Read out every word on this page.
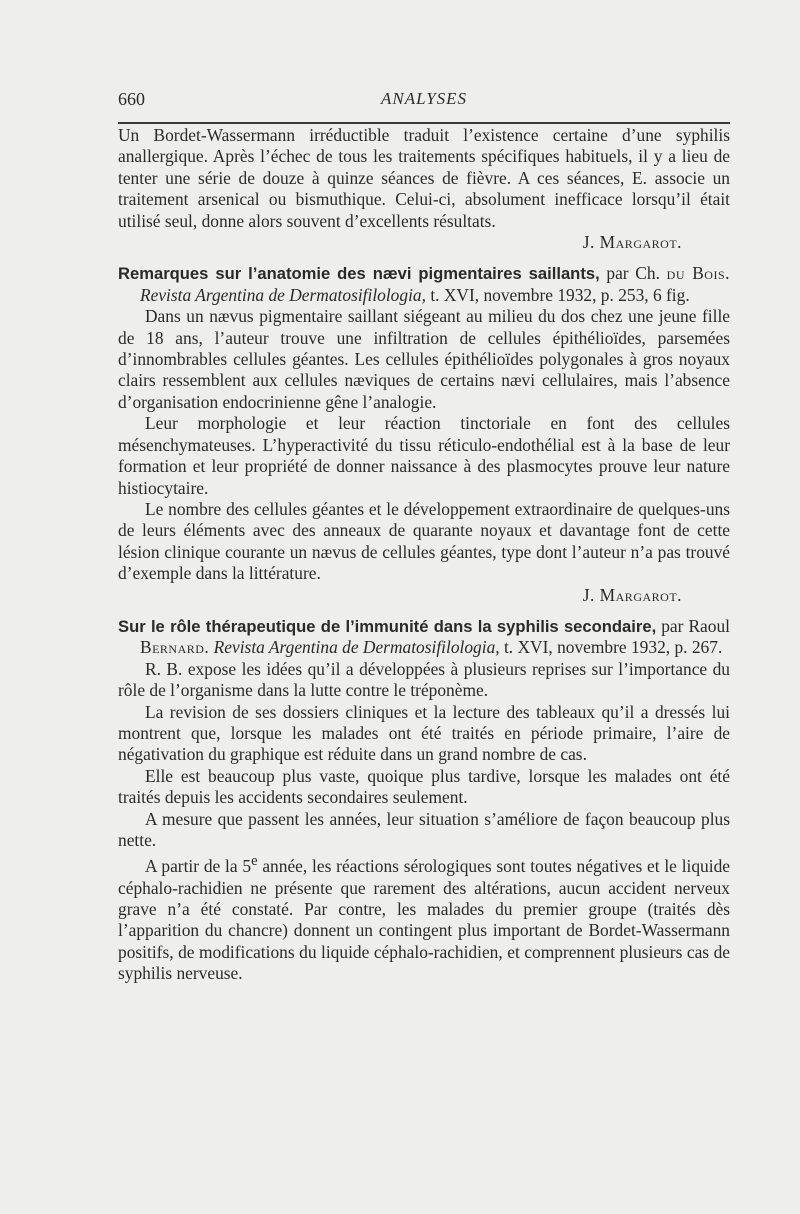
660	ANALYSES

Un Bordet-Wassermann irréductible traduit l’existence certaine d’une syphilis anallergique. Après l’échec de tous les traitements spécifiques habituels, il y a lieu de tenter une série de douze à quinze séances de fièvre. A ces séances, E. associe un traitement arsenical ou bismuthique. Celui-ci, absolument inefficace lorsqu’il était utilisé seul, donne alors souvent d’excellents résultats.

J. Margarot.

Remarques sur l’anatomie des nævi pigmentaires saillants, par Ch. du Bois. Revista Argentina de Dermatosifilologia, t. XVI, novembre 1932, p. 253, 6 fig.

Dans un nævus pigmentaire saillant siégeant au milieu du dos chez une jeune fille de 18 ans, l’auteur trouve une infiltration de cellules épithélioïdes, parsemées d’innombrables cellules géantes. Les cellules épithélioïdes polygonales à gros noyaux clairs ressemblent aux cellules næviques de certains nævi cellulaires, mais l’absence d’organisation endocrinienne gêne l’analogie.

Leur morphologie et leur réaction tinctoriale en font des cellules mésenchymateuses. L’hyperactivité du tissu réticulo-endothélial est à la base de leur formation et leur propriété de donner naissance à des plasmocytes prouve leur nature histiocytaire.

Le nombre des cellules géantes et le développement extraordinaire de quelques-uns de leurs éléments avec des anneaux de quarante noyaux et davantage font de cette lésion clinique courante un nævus de cellules géantes, type dont l’auteur n’a pas trouvé d’exemple dans la littérature.

J. Margarot.

Sur le rôle thérapeutique de l’immunité dans la syphilis secondaire, par Raoul Bernard. Revista Argentina de Dermatosifilologia, t. XVI, novembre 1932, p. 267.

R. B. expose les idées qu’il a développées à plusieurs reprises sur l’importance du rôle de l’organisme dans la lutte contre le tréponème.

La revision de ses dossiers cliniques et la lecture des tableaux qu’il a dressés lui montrent que, lorsque les malades ont été traités en période primaire, l’aire de négativation du graphique est réduite dans un grand nombre de cas.

Elle est beaucoup plus vaste, quoique plus tardive, lorsque les malades ont été traités depuis les accidents secondaires seulement.

A mesure que passent les années, leur situation s’améliore de façon beaucoup plus nette.

A partir de la 5e année, les réactions sérologiques sont toutes négatives et le liquide céphalo-rachidien ne présente que rarement des altérations, aucun accident nerveux grave n’a été constaté. Par contre, les malades du premier groupe (traités dès l’apparition du chancre) donnent un contingent plus important de Bordet-Wassermann positifs, de modifications du liquide céphalo-rachidien, et comprennent plusieurs cas de syphilis nerveuse.
